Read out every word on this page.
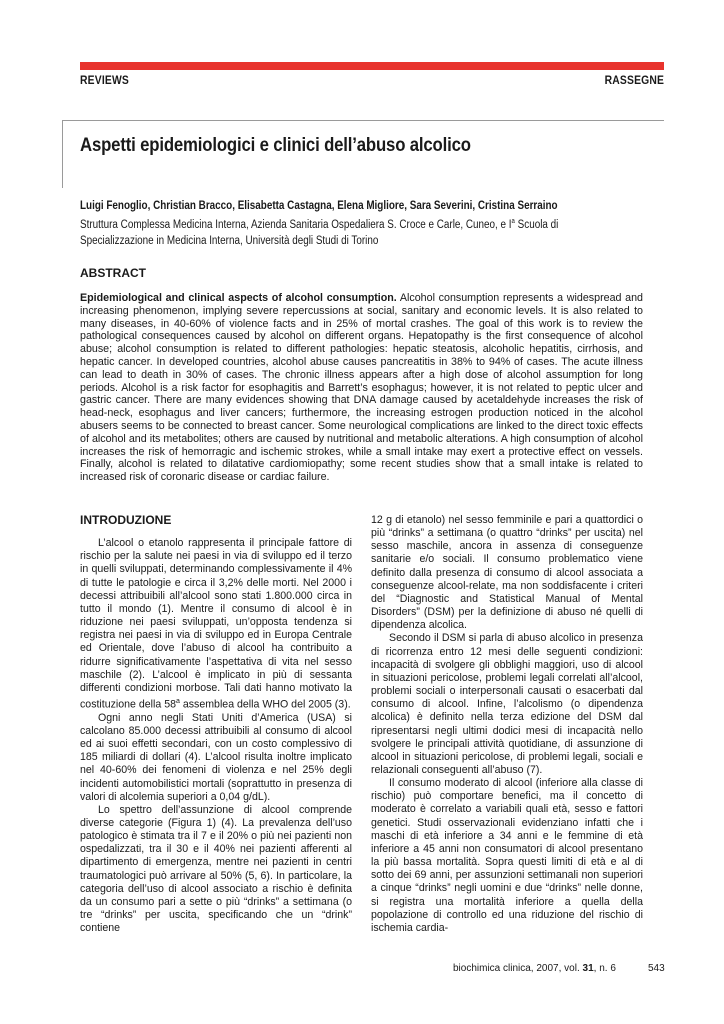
REVIEWS	RASSEGNE
Aspetti epidemiologici e clinici dell’abuso alcolico
Luigi Fenoglio, Christian Bracco, Elisabetta Castagna, Elena Migliore, Sara Severini, Cristina Serraino
Struttura Complessa Medicina Interna, Azienda Sanitaria Ospedaliera S. Croce e Carle, Cuneo, e $I^a$ Scuola di
Specializzazione in Medicina Interna, Università degli Studi di Torino
ABSTRACT

Epidemiological and clinical aspects of alcohol consumption. Alcohol consumption represents a widespread and increasing phenomenon, implying severe repercussions at social, sanitary and economic levels. It is also related to many diseases, in 40-60% of violence facts and in 25% of mortal crashes. The goal of this work is to review the pathological consequences caused by alcohol on different organs. Hepatopathy is the first consequence of alcohol abuse; alcohol consumption is related to different pathologies: hepatic steatosis, alcoholic hepatitis, cirrhosis, and hepatic cancer. In developed countries, alcohol abuse causes pancreatitis in 38% to 94% of cases. The acute illness can lead to death in 30% of cases. The chronic illness appears after a high dose of alcohol assumption for long periods. Alcohol is a risk factor for esophagitis and Barrett’s esophagus; however, it is not related to peptic ulcer and gastric cancer. There are many evidences showing that DNA damage caused by acetaldehyde increases the risk of head-neck, esophagus and liver cancers; furthermore, the increasing estrogen production noticed in the alcohol abusers seems to be connected to breast cancer. Some neurological complications are linked to the direct toxic effects of alcohol and its metabolites; others are caused by nutritional and metabolic alterations. A high consumption of alcohol increases the risk of hemorragic and ischemic strokes, while a small intake may exert a protective effect on vessels. Finally, alcohol is related to dilatative cardiomiopathy; some recent studies show that a small intake is related to increased risk of coronaric disease or cardiac failure.

INTRODUZIONE

L’alcool o etanolo rappresenta il principale fattore di rischio per la salute nei paesi in via di sviluppo ed il terzo in quelli sviluppati, determinando complessivamente il 4% di tutte le patologie e circa il 3,2% delle morti. Nel 2000 i decessi attribuibili all’alcool sono stati 1.800.000 circa in tutto il mondo (1). Mentre il consumo di alcool è in riduzione nei paesi sviluppati, un’opposta tendenza si registra nei paesi in via di sviluppo ed in Europa Centrale ed Orientale, dove l’abuso di alcool ha contribuito a ridurre significativamente l’aspettativa di vita nel sesso maschile (2). L’alcool è implicato in più di sessanta differenti condizioni morbose. Tali dati hanno motivato la costituzione della 58$^a$ assemblea della WHO del 2005 (3).

Ogni anno negli Stati Uniti d’America (USA) si calcolano 85.000 decessi attribuibili al consumo di alcool ed ai suoi effetti secondari, con un costo complessivo di 185 miliardi di dollari (4). L’alcool risulta inoltre implicato nel 40-60% dei fenomeni di violenza e nel 25% degli incidenti automobilistici mortali (soprattutto in presenza di valori di alcolemia superiori a 0,04 g/dL).

Lo spettro dell’assunzione di alcool comprende diverse categorie (Figura 1) (4). La prevalenza dell’uso patologico è stimata tra il 7 e il 20% o più nei pazienti non ospedalizzati, tra il 30 e il 40% nei pazienti afferenti al dipartimento di emergenza, mentre nei pazienti in centri traumatologici può arrivare al 50% (5, 6). In particolare, la categoria dell’uso di alcool associato a rischio è definita da un consumo pari a sette o più “drinks” a settimana (o tre “drinks” per uscita, specificando che un “drink” contiene

12 g di etanolo) nel sesso femminile e pari a quattordici o più “drinks” a settimana (o quattro “drinks” per uscita) nel sesso maschile, ancora in assenza di conseguenze sanitarie e/o sociali. Il consumo problematico viene definito dalla presenza di consumo di alcool associata a conseguenze alcool-relate, ma non soddisfacente i criteri del “Diagnostic and Statistical Manual of Mental Disorders” (DSM) per la definizione di abuso né quelli di dipendenza alcolica.

Secondo il DSM si parla di abuso alcolico in presenza di ricorrenza entro 12 mesi delle seguenti condizioni: incapacità di svolgere gli obblighi maggiori, uso di alcool in situazioni pericolose, problemi legali correlati all’alcool, problemi sociali o interpersonali causati o esacerbati dal consumo di alcool. Infine, l’alcolismo (o dipendenza alcolica) è definito nella terza edizione del DSM dal ripresentarsi negli ultimi dodici mesi di incapacità nello svolgere le principali attività quotidiane, di assunzione di alcool in situazioni pericolose, di problemi legali, sociali e relazionali conseguenti all’abuso (7).

Il consumo moderato di alcool (inferiore alla classe di rischio) può comportare benefici, ma il concetto di moderato è correlato a variabili quali età, sesso e fattori genetici. Studi osservazionali evidenziano infatti che i maschi di età inferiore a 34 anni e le femmine di età inferiore a 45 anni non consumatori di alcool presentano la più bassa mortalità. Sopra questi limiti di età e al di sotto dei 69 anni, per assunzioni settimanali non superiori a cinque “drinks” negli uomini e due “drinks” nelle donne, si registra una mortalità inferiore a quella della popolazione di controllo ed una riduzione del rischio di ischemia cardia-

biochimica clinica, 2007, vol. 31, n. 6	543
